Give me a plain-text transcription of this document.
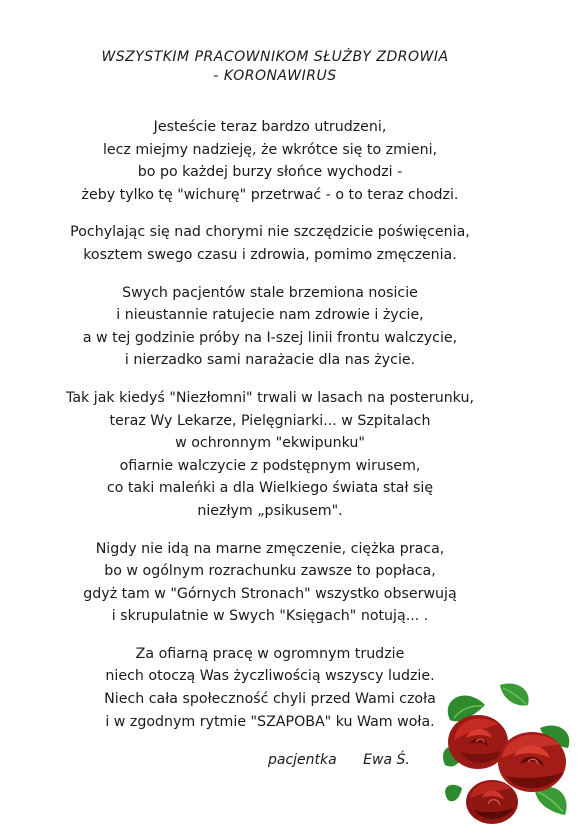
WSZYSTKIM PRACOWNIKOM SŁUŻBY ZDROWIA
- KORONAWIRUS
Jesteście teraz bardzo utrudzeni,
lecz miejmy nadzieję, że wkrótce się to zmieni,
bo po każdej burzy słońce wychodzi -
żeby tylko tę "wichurę" przetrwać - o to teraz chodzi.
Pochylając się nad chorymi nie szczędzicie poświęcenia,
kosztem swego czasu i zdrowia, pomimo zmęczenia.
Swych pacjentów stale brzemiona nosicie
i nieustannie ratujecie nam zdrowie i życie,
a w tej godzinie próby na I-szej linii frontu walczycie,
i nierzadko sami narażacie dla nas życie.
Tak jak kiedyś "Niezłomni" trwali w lasach na posterunku,
teraz Wy Lekarze, Pielęgniarki... w Szpitalach
w ochronnym "ekwipunku"
ofiarnie walczycie z podstępnym wirusem,
co taki maleńki a dla Wielkiego świata stał się
niezłym „psikusem".
Nigdy nie idą na marne zmęczenie, ciężka praca,
bo w ogólnym rozrachunku zawsze to popłaca,
gdyż tam w "Górnych Stronach" wszystko obserwują
i skrupulatnie w Swych "Księgach" notują... .
Za ofiarną pracę w ogromnym trudzie
niech otoczą Was życzliwością wszyscy ludzie.
Niech cała społeczność chyli przed Wami czoła
i w zgodnym rytmie "SZAPOBA" ku Wam woła.
pacjentka Ewa Ś.
